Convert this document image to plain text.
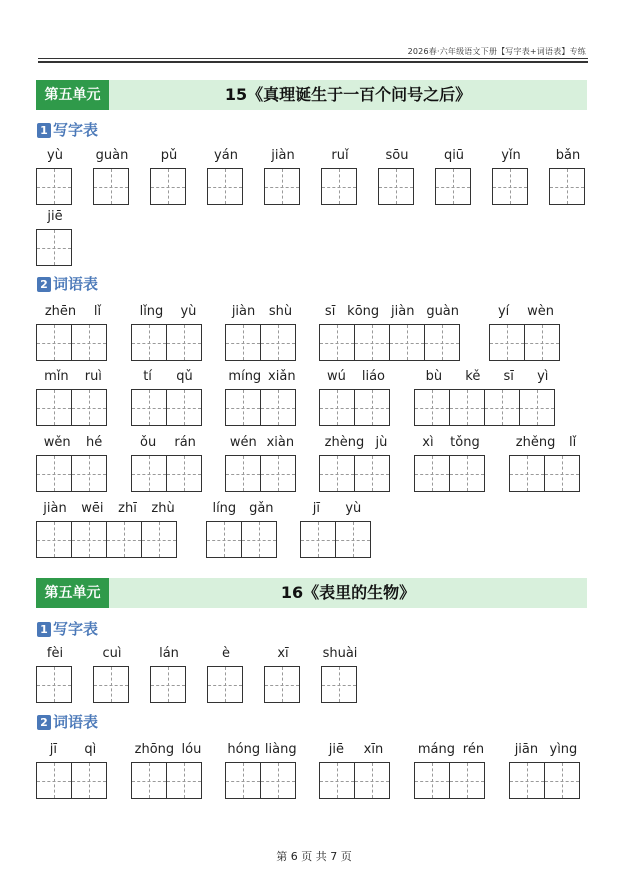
2026春·六年级语文下册【写字表+词语表】专练
第五单元	15《真理诞生于一百个问号之后》
1 写字表
yù	guàn pǔ	yán	jiàn	ruǐ	sōu	qiū	yǐn	bǎn
jiē
2 词语表
zhēn lǐ	lǐng yù	jiàn shù	sī kōng jiàn guàn	yí wèn
mǐn ruì	tí qǔ	míng xiǎn wú liáo	bù kě sī yì
wěn hé	ǒu rán	wén xiàn zhèng jù	xì tǒng	zhěng lǐ
jiàn wēi zhī zhù	líng gǎn	jī yù
第五单元	16《表里的生物》
1 写字表
fèi	cuì	lán	è	xī	shuài
2 词语表
jī qì	zhōng lóu hóng liàng jiē xīn	máng rén jiān yìng
第 6 页 共 7 页
